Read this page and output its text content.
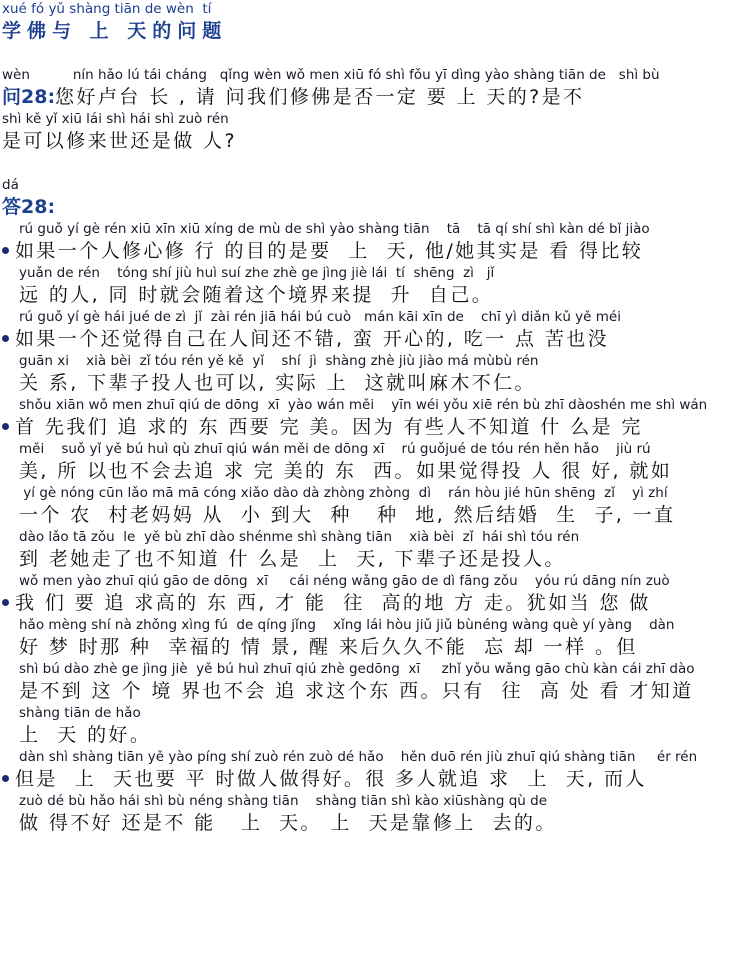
xué fó yǔ shàng tiān de wèn  tí
学佛与 上 天的问题
wèn          nín hǎo lú tái cháng   qǐng wèn wǒ men xiū fó shì fǒu yī dìng yào shàng tiān de   shì bù
问28:您好卢台 长 , 请 问我们修佛是否一定 要 上 天的?是不
shì kě yǐ xiū lái shì hái shì zuò rén
是可以修来世还是做 人?
dá
答28:
rú guǒ yí gè rén xiū xīn xiū xíng de mù de shì yào shàng tiān    tā    tā qí shí shì kàn dé bǐ jiào
如果一个人修心修 行 的目的是要  上  天, 他/她其实是 看 得比较
yuǎn de rén    tóng shí jiù huì suí zhe zhè ge jìng jiè lái  tí  shēng  zì   jǐ
远 的人, 同 时就会随着这个境界来提  升  自己。
rú guǒ yí gè hái jué de zì  jǐ  zài rén jiā hái bú cuò   mán kāi xīn de    chī yì diǎn kǔ yě méi
如果一个还觉得自己在人间还不错, 蛮 开心的, 吃一 点 苦也没
guān xi    xià bèi  zǐ tóu rén yě kě  yǐ    shí  jì  shàng zhè jiù jiào má mùbù rén
关 系, 下辈子投人也可以, 实际 上  这就叫麻木不仁。
shǒu xiān wǒ men zhuī qiú de dōng  xī  yào wán měi    yīn wéi yǒu xiē rén bù zhī dàoshén me shì wán
首 先我们 追 求的 东 西要 完 美。因为 有些人不知道 什 么是 完
měi    suǒ yǐ yě bú huì qù zhuī qiú wán měi de dōng xī    rú guǒjué de tóu rén hěn hǎo    jiù rú
美, 所 以也不会去追 求 完 美的 东  西。如果觉得投 人 很 好, 就如
yí gè nóng cūn lǎo mā mā cóng xiǎo dào dà zhòng zhòng  dì    rán hòu jié hūn shēng  zǐ    yì zhí
一个 农  村老妈妈 从  小 到大  种   种  地, 然后结婚  生  子, 一直
dào lǎo tā zǒu  le  yě bù zhī dào shénme shì shàng tiān    xià bèi  zǐ  hái shì tóu rén
到 老她走了也不知道 什 么是  上  天, 下辈子还是投人。
wǒ men yào zhuī qiú gāo de dōng  xī     cái néng wǎng gāo de dì fāng zǒu    yóu rú dāng nín zuò
我 们 要 追 求高的 东 西, 才 能  往  高的地 方 走。犹如当 您 做
hǎo mèng shí nà zhǒng xìng fú  de qíng jǐng    xǐng lái hòu jiǔ jiǔ bùnéng wàng què yí yàng    dàn
好 梦 时那 种  幸福的 情 景, 醒 来后久久不能  忘 却 一样 。但
shì bú dào zhè ge jìng jiè  yě bú huì zhuī qiú zhè gedōng  xī     zhǐ yǒu wǎng gāo chù kàn cái zhī dào
是不到 这 个 境 界也不会 追 求这个东 西。只有  往  高 处 看 才知道
shàng tiān de hǎo
上  天 的好。
dàn shì shàng tiān yě yào píng shí zuò rén zuò dé hǎo    hěn duō rén jiù zhuī qiú shàng tiān     ér rén
但是  上  天也要 平 时做人做得好。很 多人就追 求  上  天, 而人
zuò dé bù hǎo hái shì bù néng shàng tiān    shàng tiān shì kào xiūshàng qù de
做 得不好 还是不 能   上  天。 上  天是靠修上  去的。
